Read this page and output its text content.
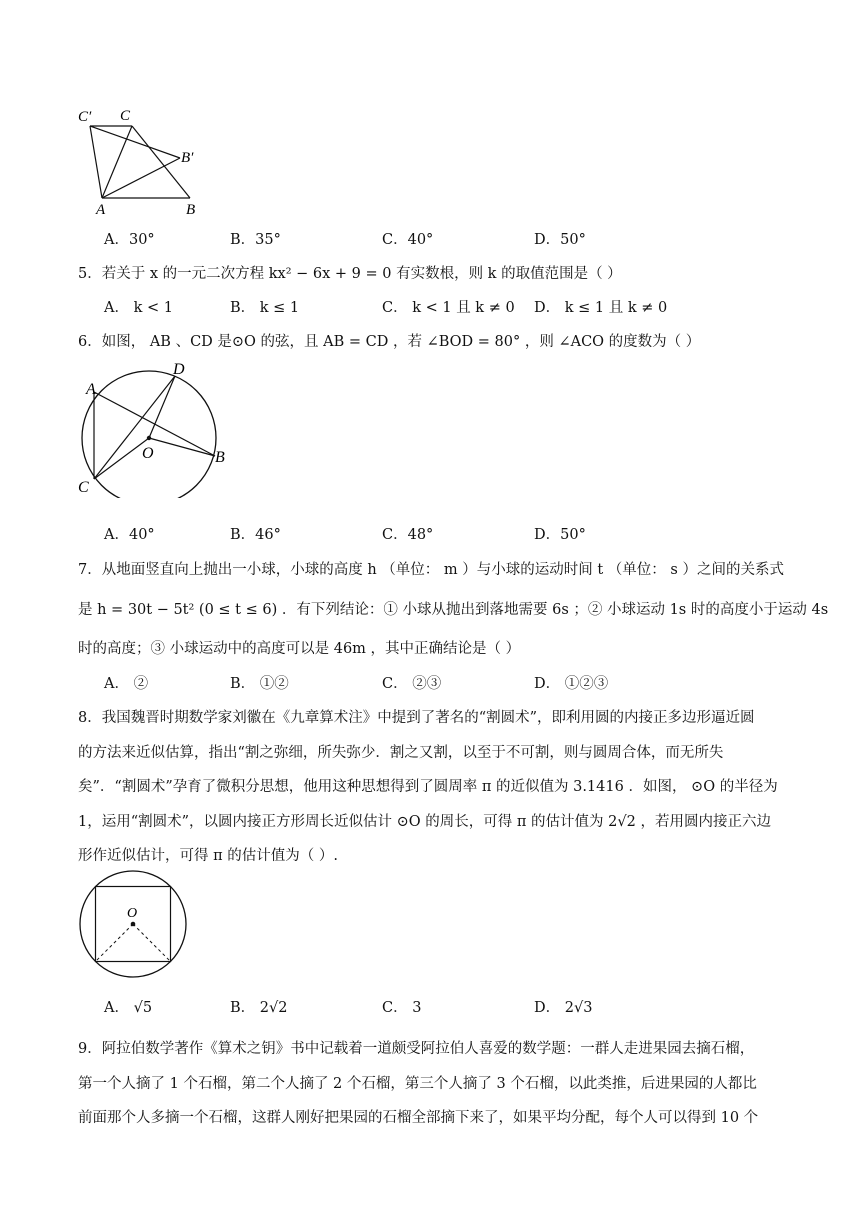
C′ C
B′
A	B
A．30°	B．35°	C．40°	D．50°
5．若关于 x 的一元二次方程 kx² − 6x + 9 = 0 有实数根，则 k 的取值范围是（ ）
A． k < 1	B． k ≤ 1	C． k < 1 且 k ≠ 0 D． k ≤ 1 且 k ≠ 0
6．如图， AB 、CD 是⊙O 的弦，且 AB = CD ，若 ∠BOD = 80° ，则 ∠ACO 的度数为（ ）
A
D
O	B
C
A．40°	B．46°	C．48°	D．50°
7．从地面竖直向上抛出一小球，小球的高度 h （单位： m ）与小球的运动时间 t （单位： s ）之间的关系式
是 h = 30t − 5t² (0 ≤ t ≤ 6) ．有下列结论：① 小球从抛出到落地需要 6s ；② 小球运动 1s 时的高度小于运动 4s
时的高度；③ 小球运动中的高度可以是 46m ，其中正确结论是（ ）
A． ②	B． ①②	C． ②③	D． ①②③
8．我国魏晋时期数学家刘徽在《九章算术注》中提到了著名的“割圆术”，即利用圆的内接正多边形逼近圆
的方法来近似估算，指出“割之弥细，所失弥少．割之又割，以至于不可割，则与圆周合体，而无所失
矣”．“割圆术”孕育了微积分思想，他用这种思想得到了圆周率 π 的近似值为 3.1416 ．如图， ⊙O 的半径为
1，运用“割圆术”，以圆内接正方形周长近似估计 ⊙O 的周长，可得 π 的估计值为 2√2 ，若用圆内接正六边
形作近似估计，可得 π 的估计值为（ ）.
O
A． √5	B． 2√2	C． 3	D． 2√3
9．阿拉伯数学著作《算术之钥》书中记载着一道颇受阿拉伯人喜爱的数学题：一群人走进果园去摘石榴，
第一个人摘了 1 个石榴，第二个人摘了 2 个石榴，第三个人摘了 3 个石榴，以此类推，后进果园的人都比
前面那个人多摘一个石榴，这群人刚好把果园的石榴全部摘下来了，如果平均分配，每个人可以得到 10 个
